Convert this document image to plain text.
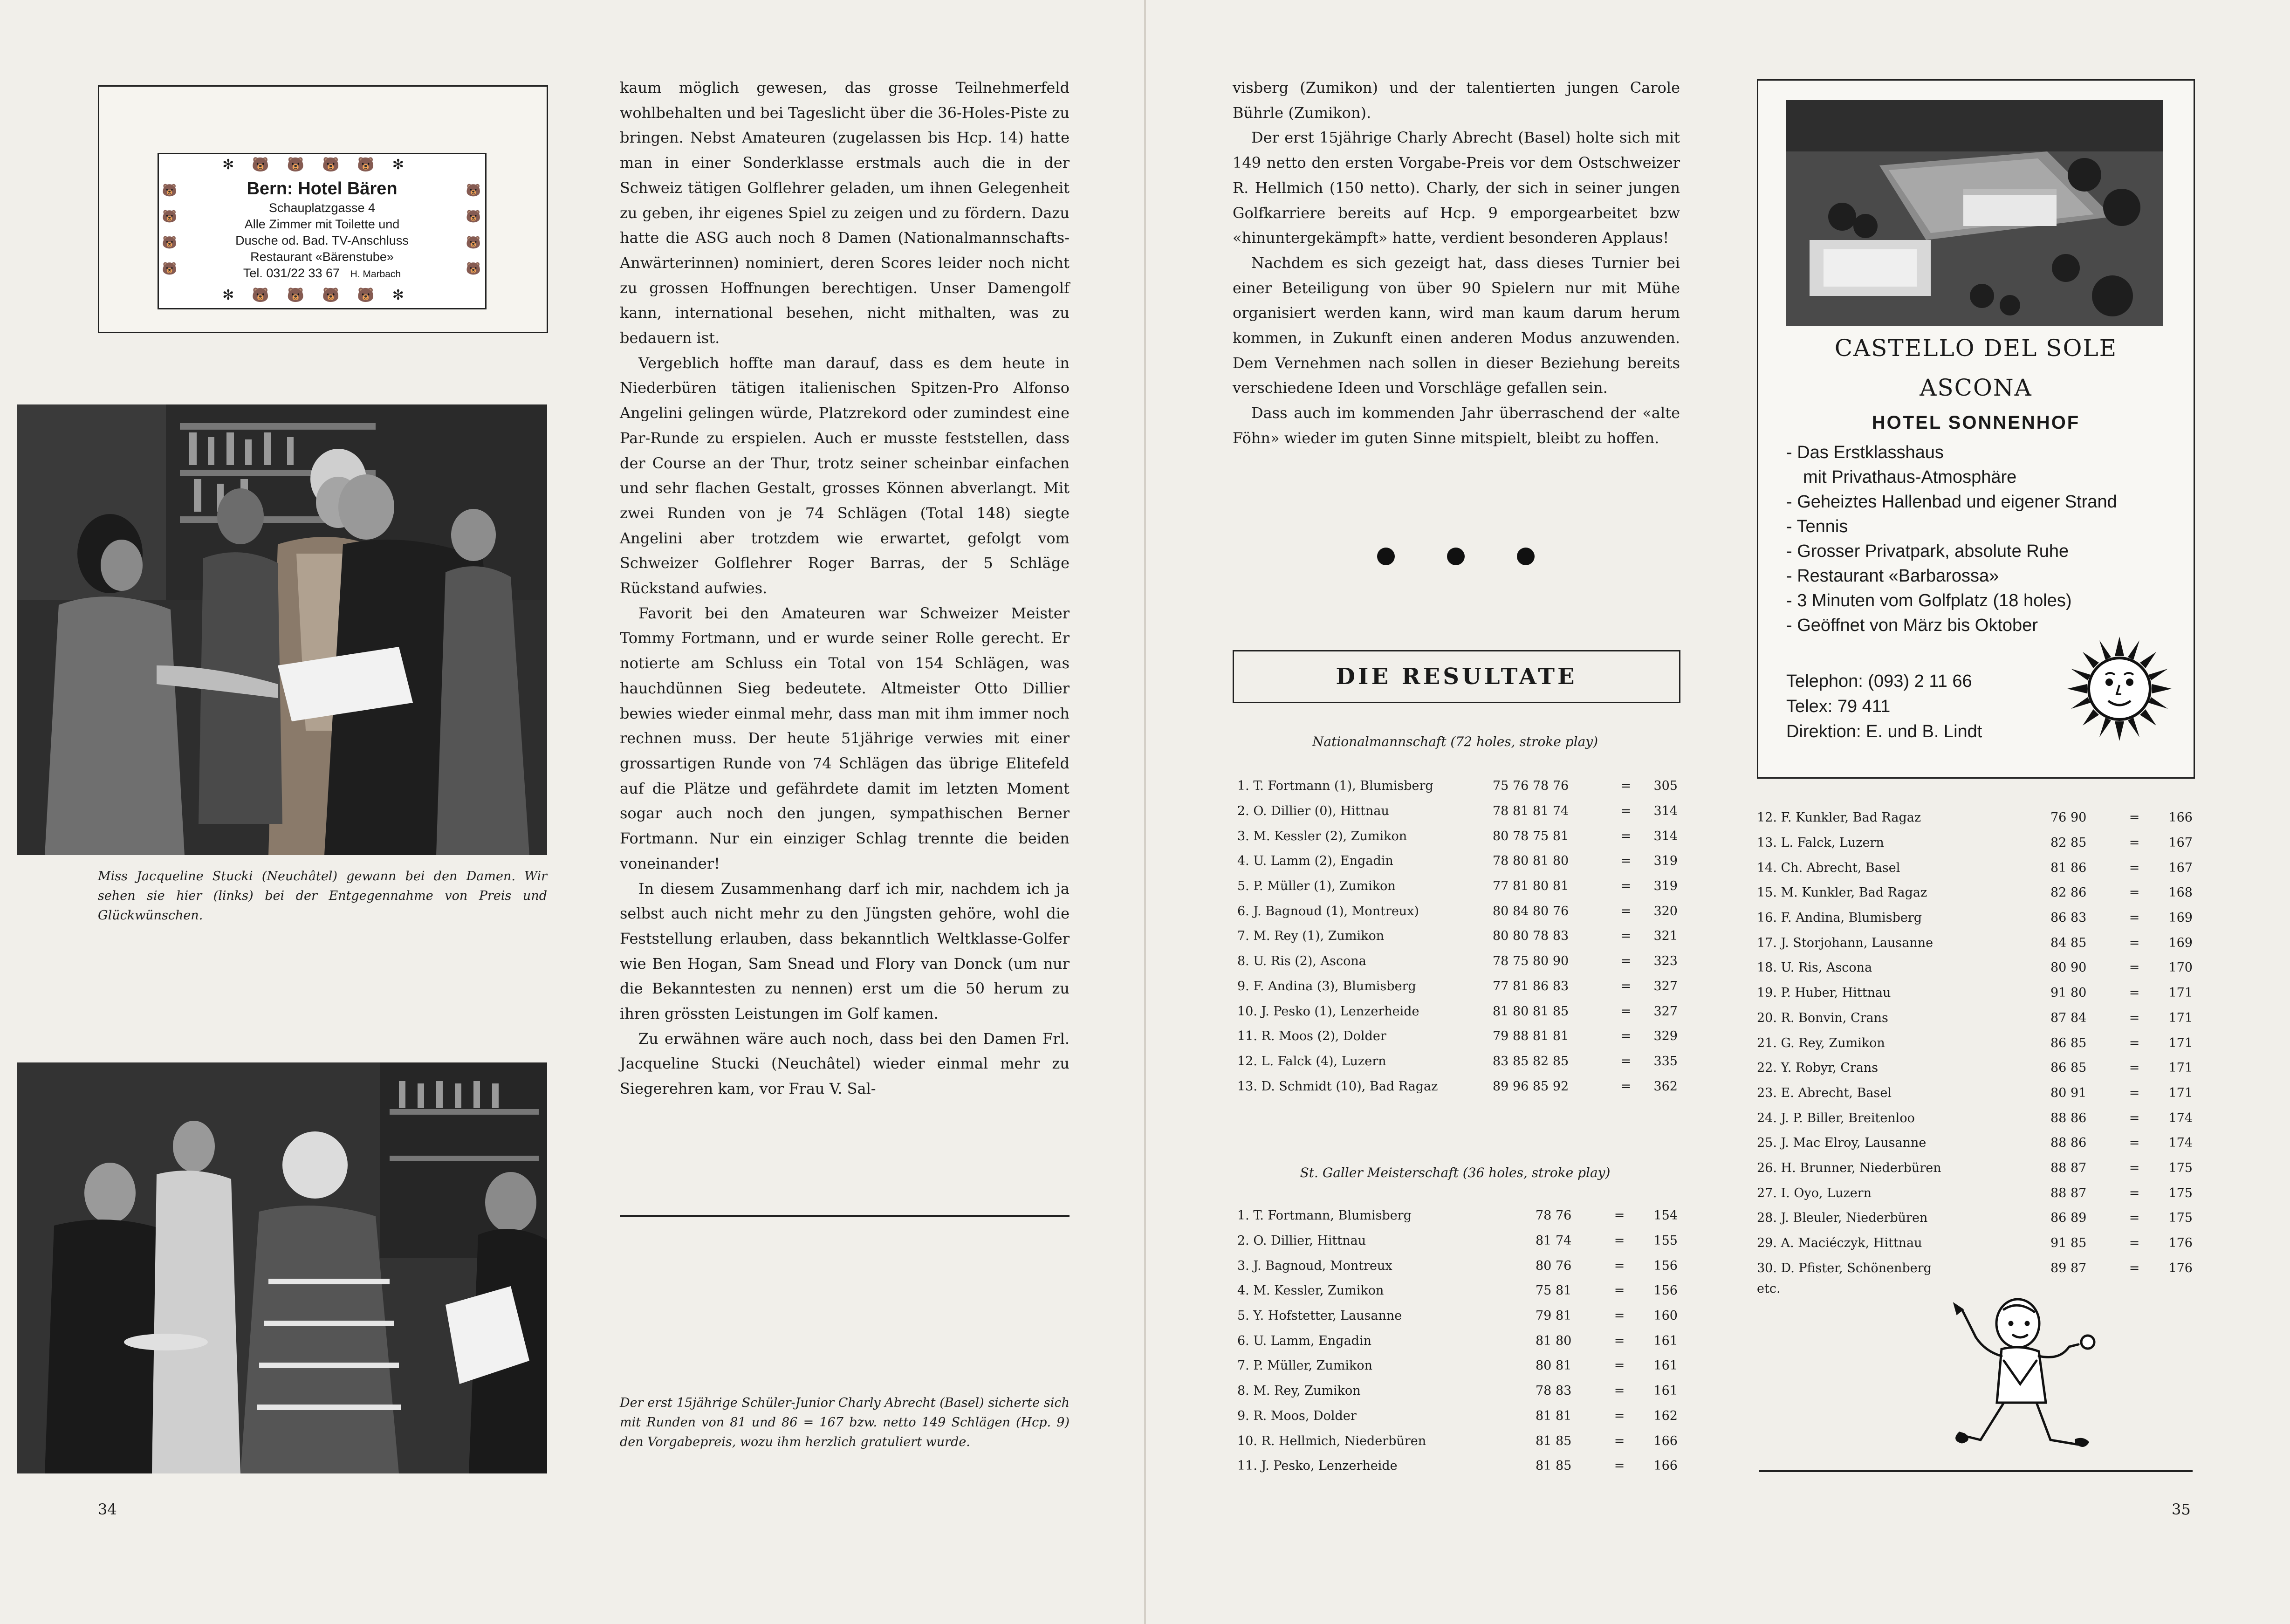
✻🐻🐻🐻🐻✻
✻🐻🐻🐻🐻✻
🐻
🐻
🐻
🐻
🐻
🐻
🐻
🐻
Bern: Hotel Bären
Schauplatzgasse 4
Alle Zimmer mit Toilette und
Dusche od. Bad. TV-Anschluss
Restaurant «Bärenstube»
Tel. 031/22 33 67 H. Marbach
Miss Jacqueline Stucki (Neuchâtel) gewann bei den Damen. Wir sehen sie hier (links) bei der Entgegennahme von Preis und Glückwünschen.

kaum möglich gewesen, das grosse Teilnehmerfeld wohlbehalten und bei Tageslicht über die 36-Holes-Piste zu bringen. Nebst Amateuren (zugelassen bis Hcp. 14) hatte man in einer Sonderklasse erstmals auch die in der Schweiz tätigen Golflehrer geladen, um ihnen Gelegenheit zu geben, ihr eigenes Spiel zu zeigen und zu fördern. Dazu hatte die ASG auch noch 8 Damen (Nationalmannschafts-Anwärterinnen) nominiert, deren Scores leider noch nicht zu grossen Hoffnungen berechtigen. Unser Damengolf kann, international besehen, nicht mithalten, was zu bedauern ist.

Vergeblich hoffte man darauf, dass es dem heute in Niederbüren tätigen italienischen Spitzen-Pro Alfonso Angelini gelingen würde, Platzrekord oder zumindest eine Par-Runde zu erspielen. Auch er musste feststellen, dass der Course an der Thur, trotz seiner scheinbar einfachen und sehr flachen Gestalt, grosses Können abverlangt. Mit zwei Runden von je 74 Schlägen (Total 148) siegte Angelini aber trotzdem wie erwartet, gefolgt vom Schweizer Golflehrer Roger Barras, der 5 Schläge Rückstand aufwies.

Favorit bei den Amateuren war Schweizer Meister Tommy Fortmann, und er wurde seiner Rolle gerecht. Er notierte am Schluss ein Total von 154 Schlägen, was hauchdünnen Sieg bedeutete. Altmeister Otto Dillier bewies wieder einmal mehr, dass man mit ihm immer noch rechnen muss. Der heute 51jährige verwies mit einer grossartigen Runde von 74 Schlägen das übrige Elitefeld auf die Plätze und gefährdete damit im letzten Moment sogar auch noch den jungen, sympathischen Berner Fortmann. Nur ein einziger Schlag trennte die beiden voneinander!

In diesem Zusammenhang darf ich mir, nachdem ich ja selbst auch nicht mehr zu den Jüngsten gehöre, wohl die Feststellung erlauben, dass bekanntlich Weltklasse-Golfer wie Ben Hogan, Sam Snead und Flory van Donck (um nur die Bekanntesten zu nennen) erst um die 50 herum zu ihren grössten Leistungen im Golf kamen.

Zu erwähnen wäre auch noch, dass bei den Damen Frl. Jacqueline Stucki (Neuchâtel) wieder einmal mehr zu Siegerehren kam, vor Frau V. Sal-

Der erst 15jährige Schüler-Junior Charly Abrecht (Basel) sicherte sich mit Runden von 81 und 86 = 167 bzw. netto 149 Schlägen (Hcp. 9) den Vorgabepreis, wozu ihm herzlich gratuliert wurde.
34

visberg (Zumikon) und der talentierten jungen Carole Bührle (Zumikon).

Der erst 15jährige Charly Abrecht (Basel) holte sich mit 149 netto den ersten Vorgabe-Preis vor dem Ostschweizer R. Hellmich (150 netto). Charly, der sich in seiner jungen Golfkarriere bereits auf Hcp. 9 emporgearbeitet bzw «hinuntergekämpft» hatte, verdient besonderen Applaus!

Nachdem es sich gezeigt hat, dass dieses Turnier bei einer Beteiligung von über 90 Spielern nur mit Mühe organisiert werden kann, wird man kaum darum herum kommen, in Zukunft einen anderen Modus anzuwenden. Dem Vernehmen nach sollen in dieser Beziehung bereits verschiedene Ideen und Vorschläge gefallen sein.

Dass auch im kommenden Jahr überraschend der «alte Föhn» wieder im guten Sinne mitspielt, bleibt zu hoffen.

DIE RESULTATE
Nationalmannschaft (72 holes, stroke play)
1. T. Fortmann (1), Blumisberg	75 76 78 76	=	305
2. O. Dillier (0), Hittnau	78 81 81 74	=	314
3. M. Kessler (2), Zumikon	80 78 75 81	=	314
4. U. Lamm (2), Engadin	78 80 81 80	=	319
5. P. Müller (1), Zumikon	77 81 80 81	=	319
6. J. Bagnoud (1), Montreux)	80 84 80 76	=	320
7. M. Rey (1), Zumikon	80 80 78 83	=	321
8. U. Ris (2), Ascona	78 75 80 90	=	323
9. F. Andina (3), Blumisberg	77 81 86 83	=	327
10. J. Pesko (1), Lenzerheide	81 80 81 85	=	327
11. R. Moos (2), Dolder	79 88 81 81	=	329
12. L. Falck (4), Luzern	83 85 82 85	=	335
13. D. Schmidt (10), Bad Ragaz	89 96 85 92	=	362
St. Galler Meisterschaft (36 holes, stroke play)
1. T. Fortmann, Blumisberg	78 76	=	154
2. O. Dillier, Hittnau	81 74	=	155
3. J. Bagnoud, Montreux	80 76	=	156
4. M. Kessler, Zumikon	75 81	=	156
5. Y. Hofstetter, Lausanne	79 81	=	160
6. U. Lamm, Engadin	81 80	=	161
7. P. Müller, Zumikon	80 81	=	161
8. M. Rey, Zumikon	78 83	=	161
9. R. Moos, Dolder	81 81	=	162
10. R. Hellmich, Niederbüren	81 85	=	166
11. J. Pesko, Lenzerheide	81 85	=	166
CASTELLO DEL SOLE
ASCONA
HOTEL SONNENHOF
- Das Erstklasshaus
mit Privathaus-Atmosphäre
- Geheiztes Hallenbad und eigener Strand
- Tennis
- Grosser Privatpark, absolute Ruhe
- Restaurant «Barbarossa»
- 3 Minuten vom Golfplatz (18 holes)
- Geöffnet von März bis Oktober
Telephon: (093) 2 11 66
Telex: 79 411
Direktion: E. und B. Lindt
12. F. Kunkler, Bad Ragaz	76 90	=	166
13. L. Falck, Luzern	82 85	=	167
14. Ch. Abrecht, Basel	81 86	=	167
15. M. Kunkler, Bad Ragaz	82 86	=	168
16. F. Andina, Blumisberg	86 83	=	169
17. J. Storjohann, Lausanne	84 85	=	169
18. U. Ris, Ascona	80 90	=	170
19. P. Huber, Hittnau	91 80	=	171
20. R. Bonvin, Crans	87 84	=	171
21. G. Rey, Zumikon	86 85	=	171
22. Y. Robyr, Crans	86 85	=	171
23. E. Abrecht, Basel	80 91	=	171
24. J. P. Biller, Breitenloo	88 86	=	174
25. J. Mac Elroy, Lausanne	88 86	=	174
26. H. Brunner, Niederbüren	88 87	=	175
27. I. Oyo, Luzern	88 87	=	175
28. J. Bleuler, Niederbüren	86 89	=	175
29. A. Maciéczyk, Hittnau	91 85	=	176
30. D. Pfister, Schönenberg	89 87	=	176
etc.
35
